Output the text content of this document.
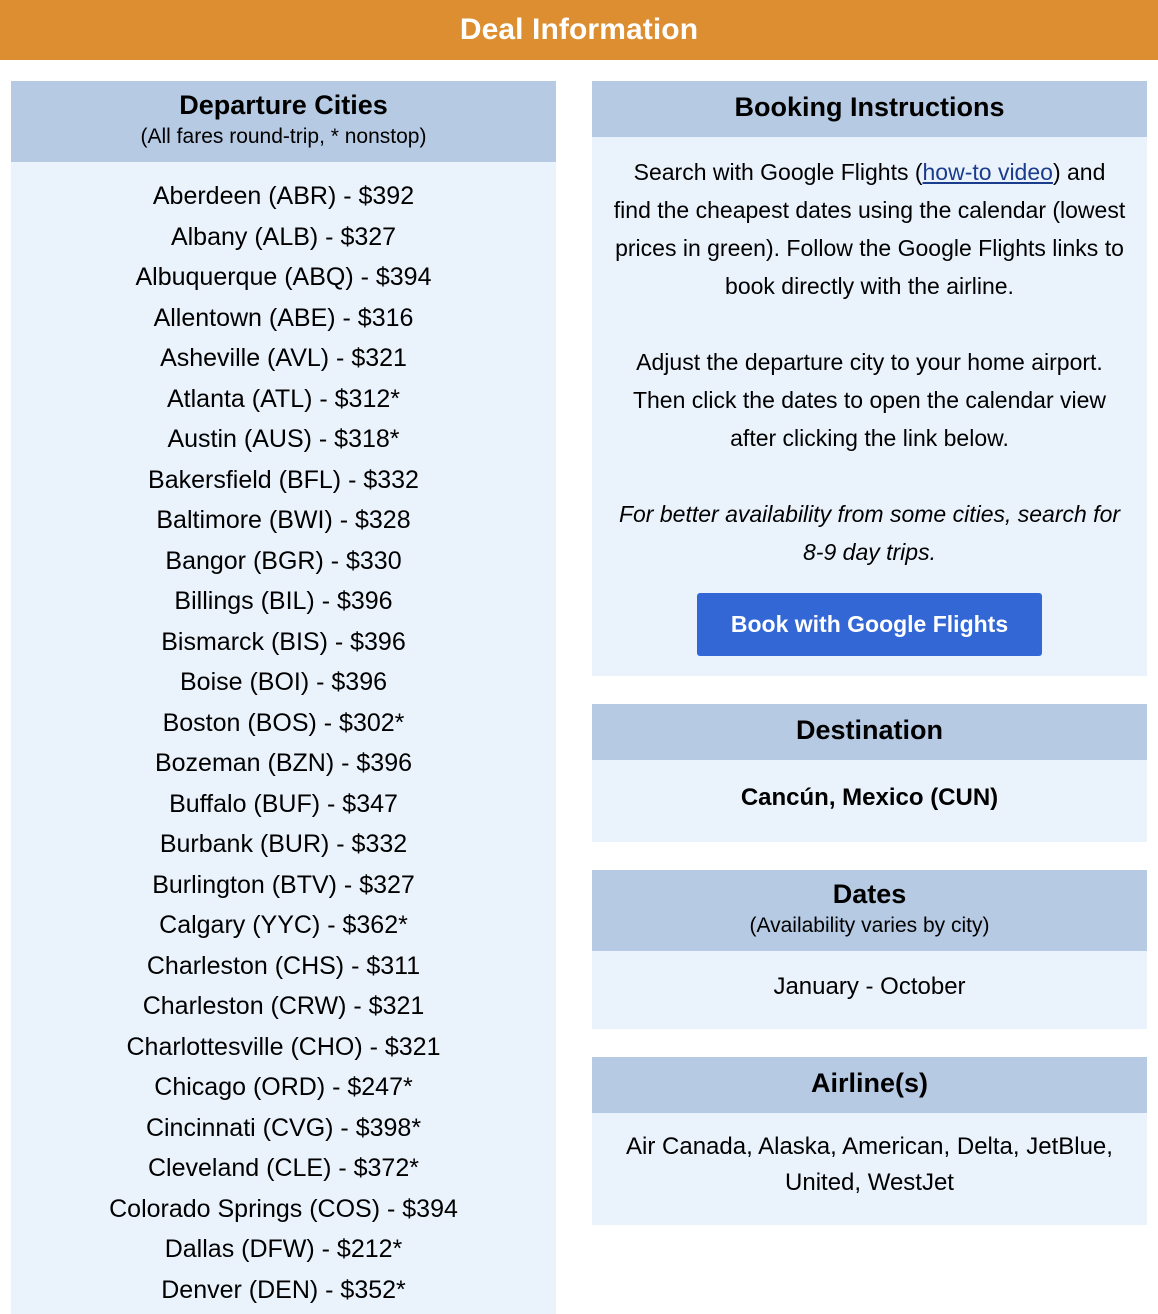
Deal Information
Departure Cities
(All fares round-trip, * nonstop)
Aberdeen (ABR) - $392
Albany (ALB) - $327
Albuquerque (ABQ) - $394
Allentown (ABE) - $316
Asheville (AVL) - $321
Atlanta (ATL) - $312*
Austin (AUS) - $318*
Bakersfield (BFL) - $332
Baltimore (BWI) - $328
Bangor (BGR) - $330
Billings (BIL) - $396
Bismarck (BIS) - $396
Boise (BOI) - $396
Boston (BOS) - $302*
Bozeman (BZN) - $396
Buffalo (BUF) - $347
Burbank (BUR) - $332
Burlington (BTV) - $327
Calgary (YYC) - $362*
Charleston (CHS) - $311
Charleston (CRW) - $321
Charlottesville (CHO) - $321
Chicago (ORD) - $247*
Cincinnati (CVG) - $398*
Cleveland (CLE) - $372*
Colorado Springs (COS) - $394
Dallas (DFW) - $212*
Denver (DEN) - $352*
Booking Instructions
Search with Google Flights (how-to video) and find the cheapest dates using the calendar (lowest prices in green). Follow the Google Flights links to book directly with the airline.
Adjust the departure city to your home airport. Then click the dates to open the calendar view after clicking the link below.
For better availability from some cities, search for 8-9 day trips.
Book with Google Flights
Destination
Cancún, Mexico (CUN)
Dates
(Availability varies by city)
January - October
Airline(s)
Air Canada, Alaska, American, Delta, JetBlue, United, WestJet
